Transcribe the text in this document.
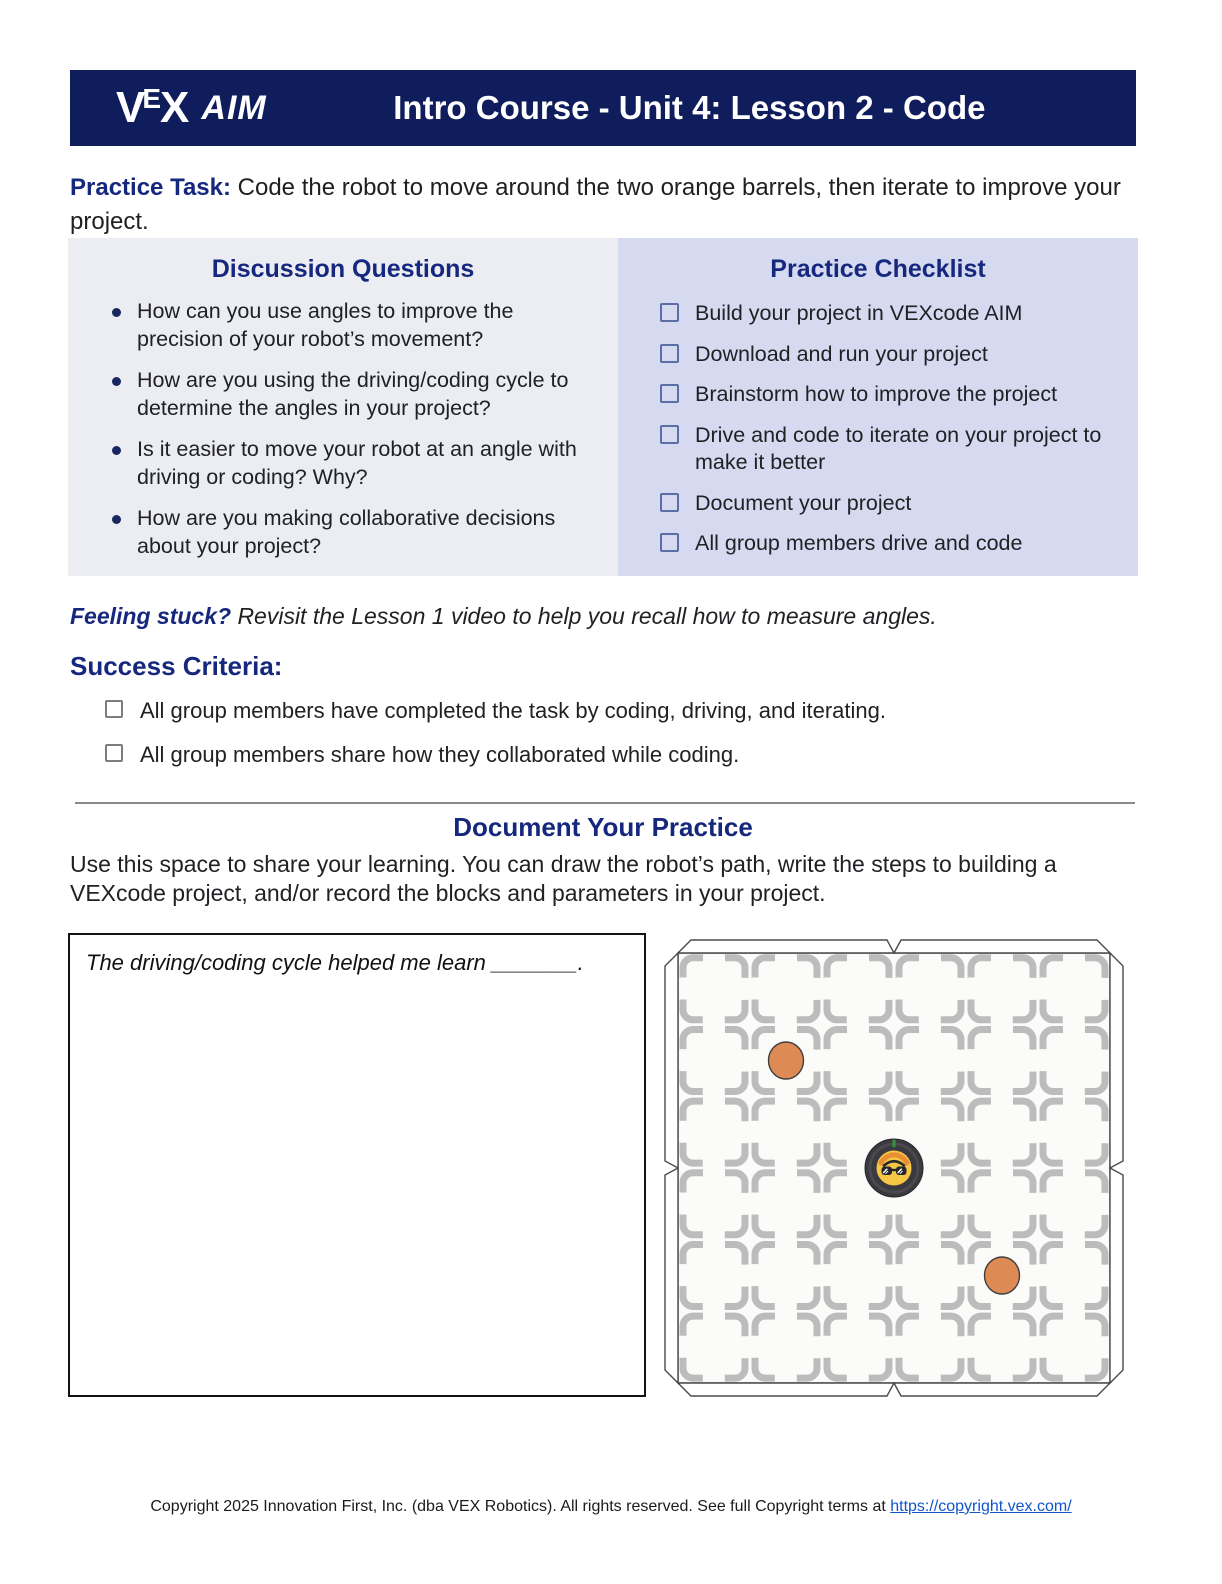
V E X AIM	Intro Course - Unit 4: Lesson 2 - Code

Practice Task: Code the robot to move around the two orange barrels, then iterate to improve your project.

Discussion Questions
How can you use angles to improve the precision of your robot’s movement?
How are you using the driving/coding cycle to determine the angles in your project?
Is it easier to move your robot at an angle with driving or coding? Why?
How are you making collaborative decisions about your project?
Practice Checklist
Build your project in VEXcode AIM
Download and run your project
Brainstorm how to improve the project
Drive and code to iterate on your project to make it better
Document your project
All group members drive and code

Feeling stuck? Revisit the Lesson 1 video to help you recall how to measure angles.

Success Criteria:
All group members have completed the task by coding, driving, and iterating.
All group members share how they collaborated while coding.
Document Your Practice

Use this space to share your learning. You can draw the robot’s path, write the steps to building a VEXcode project, and/or record the blocks and parameters in your project.

The driving/coding cycle helped me learn _______.

Copyright 2025 Innovation First, Inc. (dba VEX Robotics). All rights reserved. See full Copyright terms at https://copyright.vex.com/
